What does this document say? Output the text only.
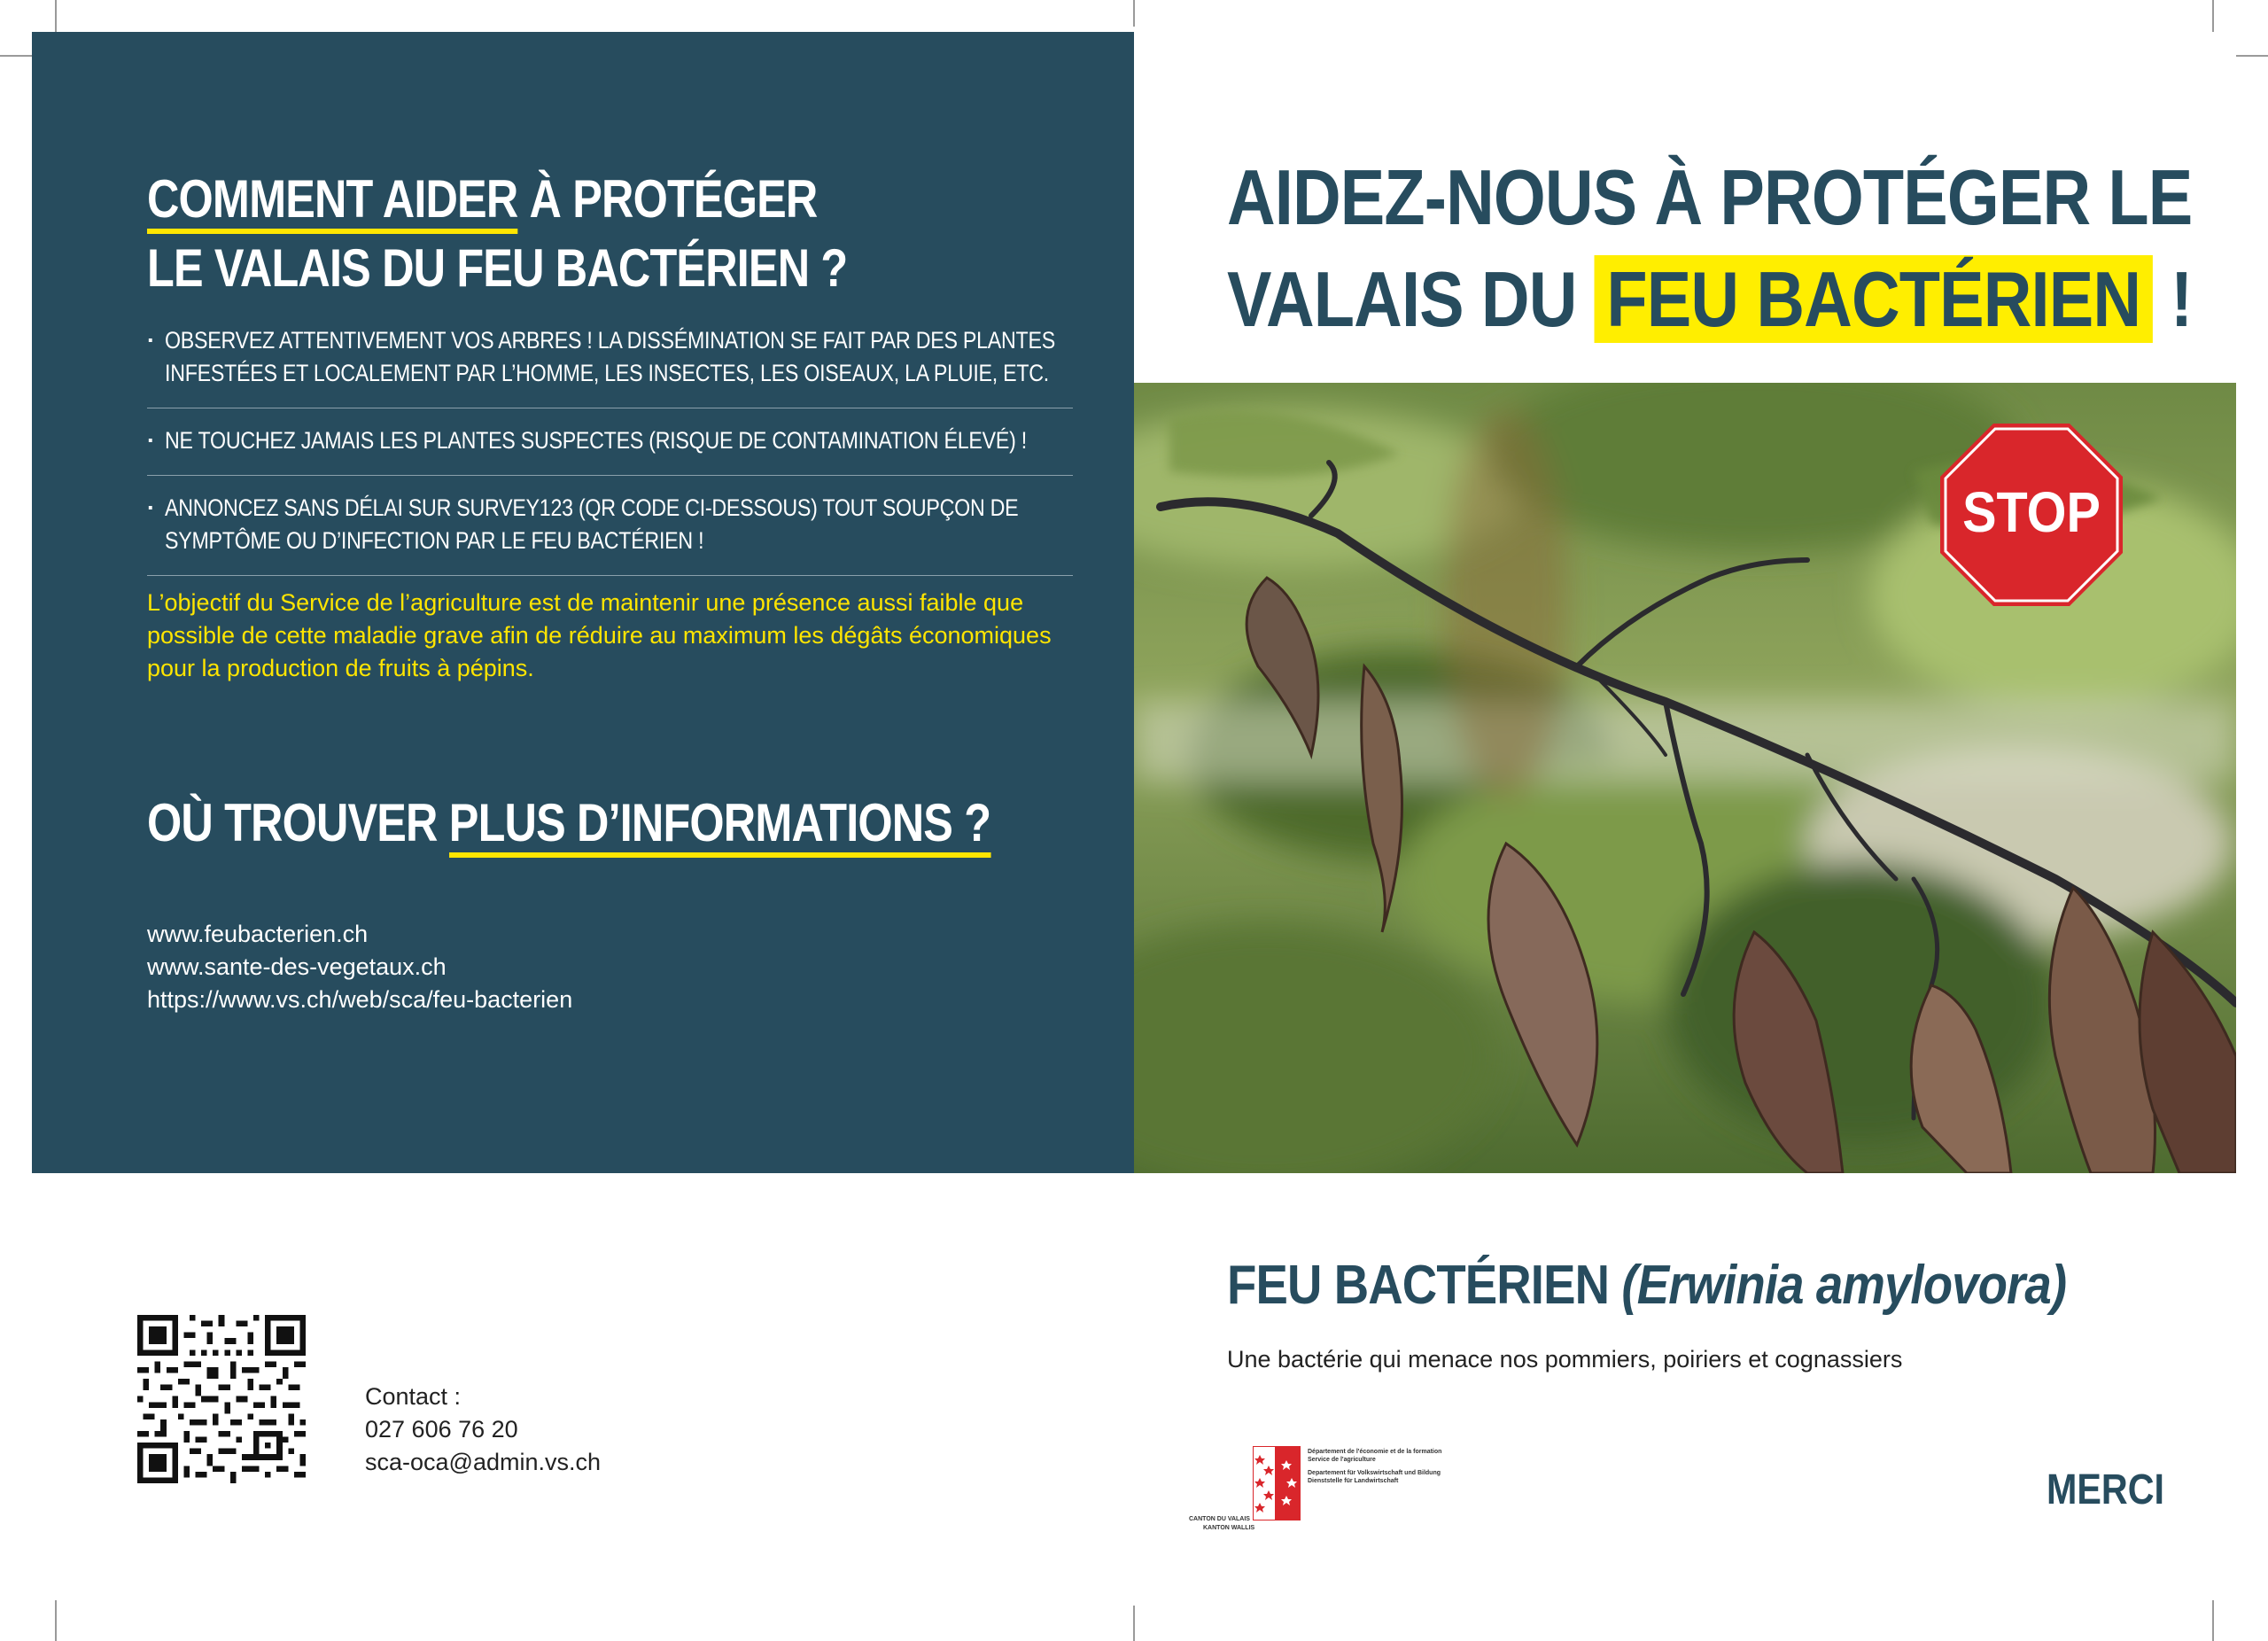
COMMENT AIDER À PROTÉGER
LE VALAIS DU FEU BACTÉRIEN ?
· OBSERVEZ ATTENTIVEMENT VOS ARBRES ! LA DISSÉMINATION SE FAIT PAR DES PLANTES INFESTÉES ET LOCALEMENT PAR L’HOMME, LES INSECTES, LES OISEAUX, LA PLUIE, ETC.
· NE TOUCHEZ JAMAIS LES PLANTES SUSPECTES (RISQUE DE CONTAMINATION ÉLEVÉ) !
· ANNONCEZ SANS DÉLAI SUR SURVEY123 (QR CODE CI-DESSOUS) TOUT SOUPÇON DE SYMPTÔME OU D’INFECTION PAR LE FEU BACTÉRIEN !

L’objectif du Service de l’agriculture est de maintenir une présence aussi faible que possible de cette maladie grave afin de réduire au maximum les dégâts économiques pour la production de fruits à pépins.

OÙ TROUVER PLUS D’INFORMATIONS ?
www.feubacterien.ch
www.sante-des-vegetaux.ch
https://www.vs.ch/web/sca/feu-bacterien
AIDEZ-NOUS À PROTÉGER LE
VALAIS DU FEU BACTÉRIEN !
STOP
FEU BACTÉRIEN (Erwinia amylovora)

Une bactérie qui menace nos pommiers, poiriers et cognassiers

MERCI

Contact :
027 606 76 20
sca-oca@admin.vs.ch	Département de l'économie et de la formation
Service de l'agriculture
Departement für Volkswirtschaft und Bildung
Dienststelle für Landwirtschaft
CANTON DU VALAIS
KANTON WALLIS
